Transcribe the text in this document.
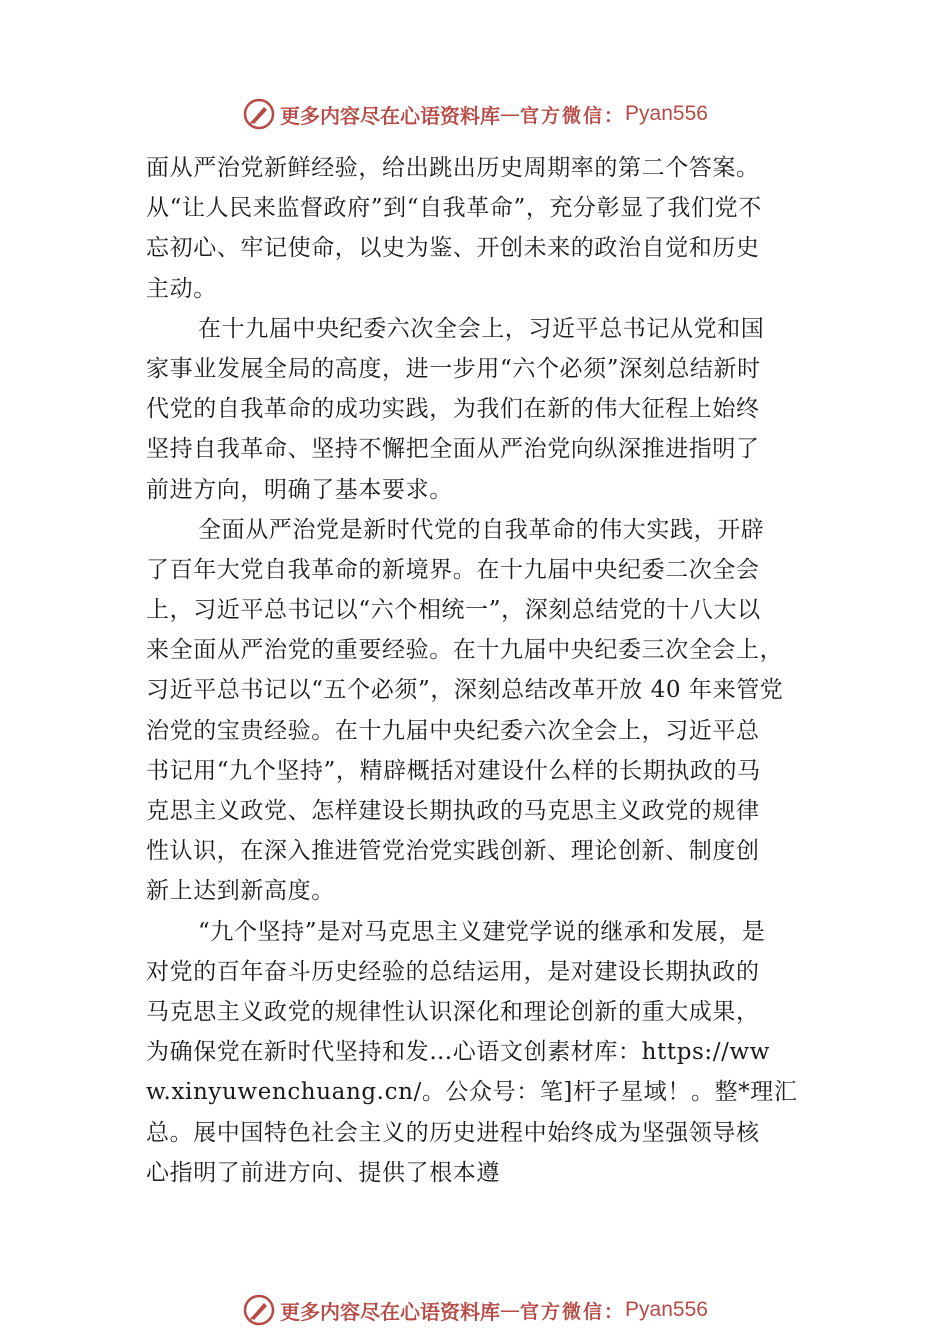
更多内容尽在心语资料库 — 官方微信： Pyan556
面从严治党新鲜经验，给出跳出历史周期率的第二个答案。
从“让人民来监督政府”到“自我革命”，充分彰显了我们党不
忘初心、牢记使命，以史为鉴、开创未来的政治自觉和历史
主动。
在十九届中央纪委六次全会上，习近平总书记从党和国
家事业发展全局的高度，进一步用“六个必须”深刻总结新时
代党的自我革命的成功实践，为我们在新的伟大征程上始终
坚持自我革命、坚持不懈把全面从严治党向纵深推进指明了
前进方向，明确了基本要求。
全面从严治党是新时代党的自我革命的伟大实践，开辟
了百年大党自我革命的新境界。在十九届中央纪委二次全会
上，习近平总书记以“六个相统一”，深刻总结党的十八大以
来全面从严治党的重要经验。在十九届中央纪委三次全会上，
习近平总书记以“五个必须”，深刻总结改革开放 40 年来管党
治党的宝贵经验。在十九届中央纪委六次全会上，习近平总
书记用“九个坚持”，精辟概括对建设什么样的长期执政的马
克思主义政党、怎样建设长期执政的马克思主义政党的规律
性认识，在深入推进管党治党实践创新、理论创新、制度创
新上达到新高度。
“九个坚持”是对马克思主义建党学说的继承和发展，是
对党的百年奋斗历史经验的总结运用，是对建设长期执政的
马克思主义政党的规律性认识深化和理论创新的重大成果，
为确保党在新时代坚持和发…心语文创素材库：https://ww
w.xinyuwenchuang.cn/。公众号：笔]杆子星域！。整*理汇
总。展中国特色社会主义的历史进程中始终成为坚强领导核
心指明了前进方向、提供了根本遵
更多内容尽在心语资料库 — 官方微信： Pyan556
